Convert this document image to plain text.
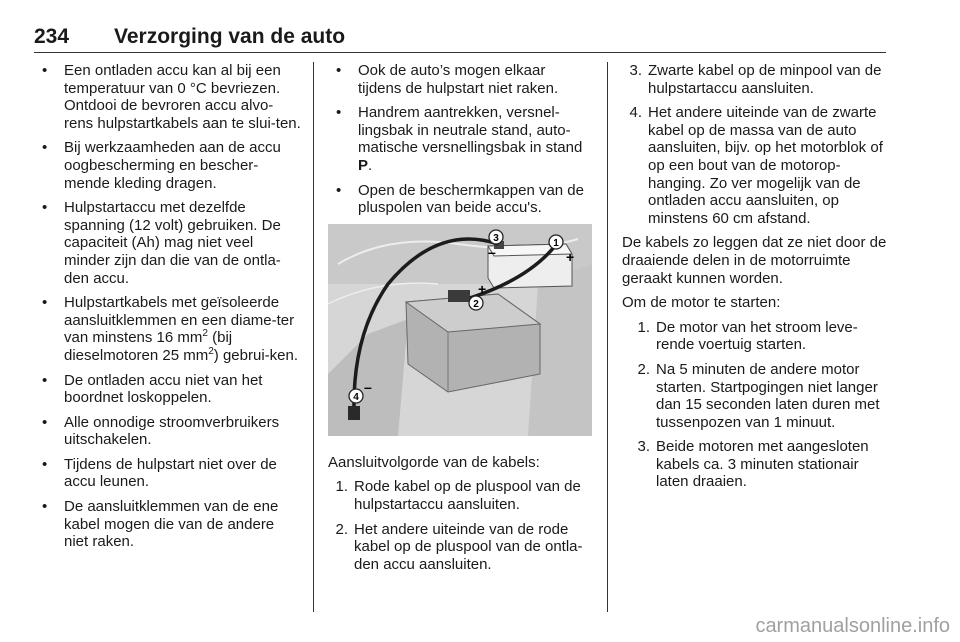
234 Verzorging van de auto
• Een ontladen accu kan al bij een temperatuur van 0 °C bevriezen. Ontdooi de bevroren accu alvo-rens hulpstartkabels aan te slui-ten.
• Bij werkzaamheden aan de accu oogbescherming en bescher-mende kleding dragen.
• Hulpstartaccu met dezelfde spanning (12 volt) gebruiken. De capaciteit (Ah) mag niet veel minder zijn dan die van de ontla-den accu.
• Hulpstartkabels met geïsoleerde aansluitklemmen en een diame-ter van minstens 16 $mm^2$ (bij dieselmotoren 25 $mm^2$) gebrui-ken.
• De ontladen accu niet van het boordnet loskoppelen.
• Alle onnodige stroomverbruikers uitschakelen.
• Tijdens de hulpstart niet over de accu leunen.
• De aansluitklemmen van de ene kabel mogen die van de andere niet raken.
• Ook de auto’s mogen elkaar tijdens de hulpstart niet raken.
• Handrem aantrekken, versnel-lingsbak in neutrale stand, auto-matische versnellingsbak in stand P.
• Open de beschermkappen van de pluspolen van beide accu's.
1
2
3
4
+
–
+
–

Aansluitvolgorde van de kabels:

1. Rode kabel op de pluspool van de hulpstartaccu aansluiten.
2. Het andere uiteinde van de rode kabel op de pluspool van de ontla-den accu aansluiten.
3. Zwarte kabel op de minpool van de hulpstartaccu aansluiten.
4. Het andere uiteinde van de zwarte kabel op de massa van de auto aansluiten, bijv. op het motorblok of op een bout van de motorop-hanging. Zo ver mogelijk van de ontladen accu aansluiten, op minstens 60 cm afstand.

De kabels zo leggen dat ze niet door de draaiende delen in de motorruimte geraakt kunnen worden.

Om de motor te starten:

1. De motor van het stroom leve-rende voertuig starten.
2. Na 5 minuten de andere motor starten. Startpogingen niet langer dan 15 seconden laten duren met tussenpozen van 1 minuut.
3. Beide motoren met aangesloten kabels ca. 3 minuten stationair laten draaien.
carmanualsonline.info
